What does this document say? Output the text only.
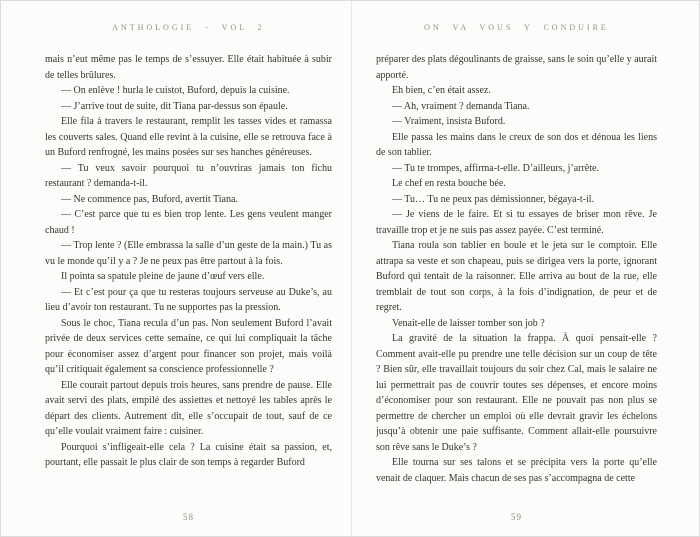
ANTHOLOGIE - VOL 2

mais n’eut même pas le temps de s’essuyer. Elle était habituée à subir de telles brûlures.

— On enlève ! hurla le cuistot, Buford, depuis la cuisine.

— J’arrive tout de suite, dit Tiana par-dessus son épaule.

Elle fila à travers le restaurant, remplit les tasses vides et ramassa les couverts sales. Quand elle revint à la cuisine, elle se retrouva face à un Buford renfrogné, les mains posées sur ses hanches généreuses.

— Tu veux savoir pourquoi tu n’ouvriras jamais ton fichu restaurant ? demanda-t-il.

— Ne commence pas, Buford, avertit Tiana.

— C’est parce que tu es bien trop lente. Les gens veulent manger chaud !

— Trop lente ? (Elle embrassa la salle d’un geste de la main.) Tu as vu le monde qu’il y a ? Je ne peux pas être partout à la fois.

Il pointa sa spatule pleine de jaune d’œuf vers elle.

— Et c’est pour ça que tu resteras toujours serveuse au Duke’s, au lieu d’avoir ton restaurant. Tu ne supportes pas la pression.

Sous le choc, Tiana recula d’un pas. Non seulement Buford l’avait privée de deux services cette semaine, ce qui lui compliquait la tâche pour économiser assez d’argent pour financer son projet, mais voilà qu’il critiquait également sa conscience professionnelle ?

Elle courait partout depuis trois heures, sans prendre de pause. Elle avait servi des plats, empilé des assiettes et nettoyé les tables après le départ des clients. Autrement dit, elle s’occupait de tout, sauf de ce qu’elle voulait vraiment faire : cuisiner.

Pourquoi s’infligeait-elle cela ? La cuisine était sa passion, et, pourtant, elle passait le plus clair de son temps à regarder Buford

58
ON VA VOUS Y CONDUIRE

préparer des plats dégoulinants de graisse, sans le soin qu’elle y aurait apporté.

Eh bien, c’en était assez.

— Ah, vraiment ? demanda Tiana.

— Vraiment, insista Buford.

Elle passa les mains dans le creux de son dos et dénoua les liens de son tablier.

— Tu te trompes, affirma-t-elle. D’ailleurs, j’arrête.

Le chef en resta bouche bée.

— Tu… Tu ne peux pas démissionner, bégaya-t-il.

— Je viens de le faire. Et si tu essayes de briser mon rêve. Je travaille trop et je ne suis pas assez payée. C’est terminé.

Tiana roula son tablier en boule et le jeta sur le comptoir. Elle attrapa sa veste et son chapeau, puis se dirigea vers la porte, ignorant Buford qui tentait de la raisonner. Elle arriva au bout de la rue, elle tremblait de tout son corps, à la fois d’indignation, de peur et de regret.

Venait-elle de laisser tomber son job ?

La gravité de la situation la frappa. À quoi pensait-elle ? Comment avait-elle pu prendre une telle décision sur un coup de tête ? Bien sûr, elle travaillait toujours du soir chez Cal, mais le salaire ne lui permettrait pas de couvrir toutes ses dépenses, et encore moins d’économiser pour son restaurant. Elle ne pouvait pas non plus se permettre de chercher un emploi où elle devrait gravir les échelons jusqu’à obtenir une paie suffisante. Comment allait-elle poursuivre son rêve sans le Duke’s ?

Elle tourna sur ses talons et se précipita vers la porte qu’elle venait de claquer. Mais chacun de ses pas s’accompagna de cette

59
